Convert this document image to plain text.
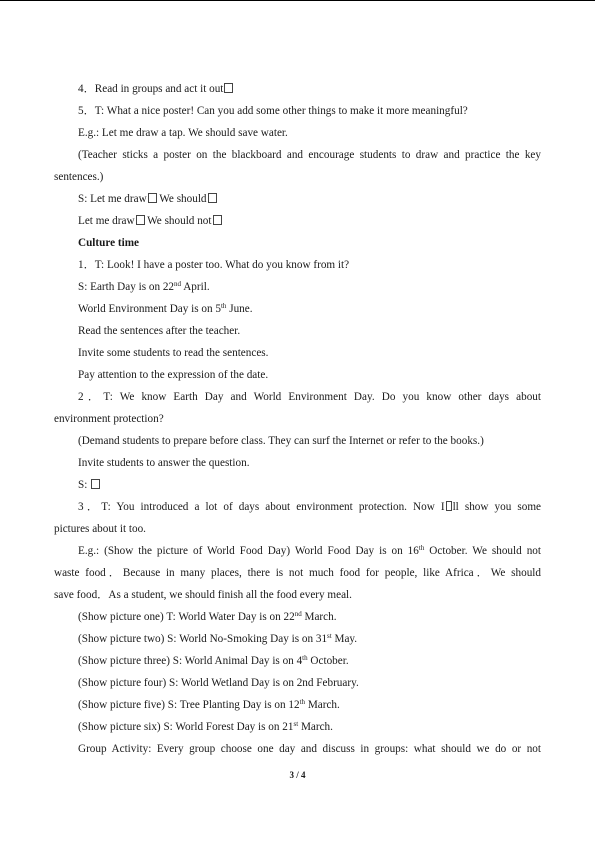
4．Read in groups and act it out
5．T: What a nice poster! Can you add some other things to make it more meaningful?
E.g.: Let me draw a tap. We should save water.
(Teacher sticks a poster on the blackboard and encourage students to draw and practice the key
sentences.)
S: Let me draw We should
Let me draw We should not
Culture time
1．T: Look! I have a poster too. What do you know from it?
S: Earth Day is on 22nd April.
World Environment Day is on 5th June.
Read the sentences after the teacher.
Invite some students to read the sentences.
Pay attention to the expression of the date.
2．T: We know Earth Day and World Environment Day. Do you know other days about
environment protection?
(Demand students to prepare before class. They can surf the Internet or refer to the books.)
Invite students to answer the question.
S:
3．T: You introduced a lot of days about environment protection. Now I ll show you some
pictures about it too.
E.g.: (Show the picture of World Food Day) World Food Day is on 16th October. We should not
waste food．Because in many places, there is not much food for people, like Africa．We should
save food．As a student, we should finish all the food every meal.
(Show picture one) T: World Water Day is on 22nd March.
(Show picture two) S: World No-Smoking Day is on 31st May.
(Show picture three) S: World Animal Day is on 4th October.
(Show picture four) S: World Wetland Day is on 2nd February.
(Show picture five) S: Tree Planting Day is on 12th March.
(Show picture six) S: World Forest Day is on 21st March.
Group Activity: Every group choose one day and discuss in groups: what should we do or not
3 / 4
